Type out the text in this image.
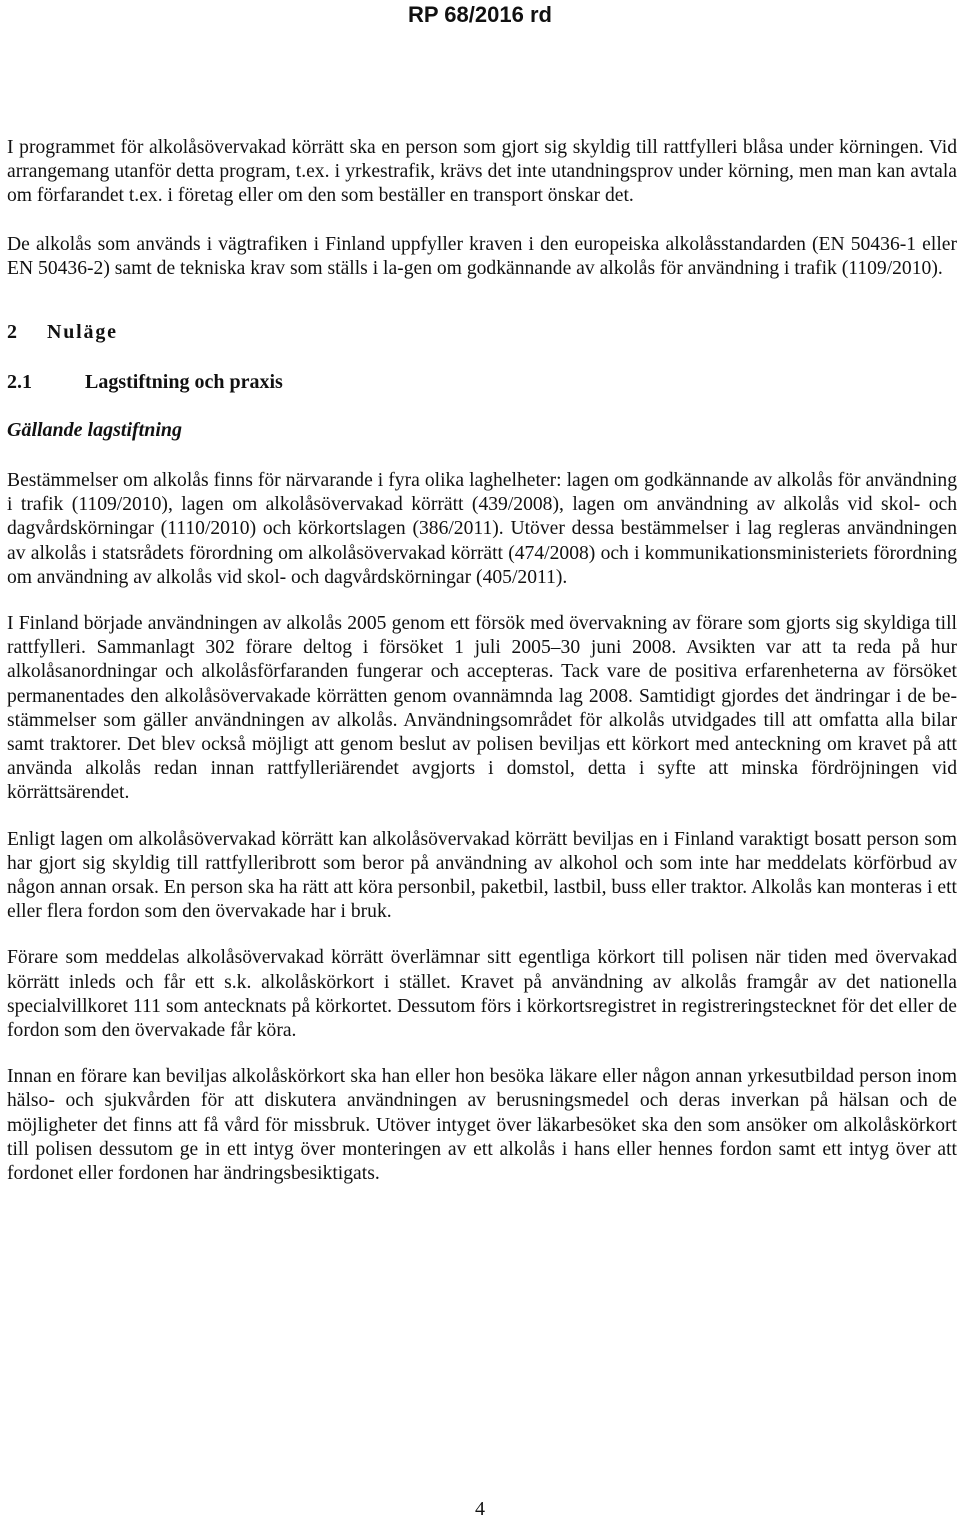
RP 68/2016 rd

I programmet för alkolåsövervakad körrätt ska en person som gjort sig skyldig till rattfylleri blåsa under körningen. Vid arrangemang utanför detta program, t.ex. i yrkestrafik, krävs det inte utandningsprov under körning, men man kan avtala om förfarandet t.ex. i företag eller om den som beställer en transport önskar det.

De alkolås som används i vägtrafiken i Finland uppfyller kraven i den europeiska alkolåsstandarden (EN 50436-1 eller EN 50436-2) samt de tekniska krav som ställs i la-gen om godkännande av alkolås för användning i trafik (1109/2010).

2 Nuläge
2.1	Lagstiftning och praxis
Gällande lagstiftning

Bestämmelser om alkolås finns för närvarande i fyra olika laghelheter: lagen om godkännande av alkolås för användning i trafik (1109/2010), lagen om alkolåsövervakad körrätt (439/2008), lagen om användning av alkolås vid skol- och dagvårdskörningar (1110/2010) och körkortslagen (386/2011). Utöver dessa bestämmelser i lag regleras användningen av alkolås i statsrådets förordning om alkolåsövervakad körrätt (474/2008) och i kommunikationsministeriets förordning om användning av alkolås vid skol- och dagvårdskörningar (405/2011).

I Finland började användningen av alkolås 2005 genom ett försök med övervakning av förare som gjorts sig skyldiga till rattfylleri. Sammanlagt 302 förare deltog i försöket 1 juli 2005–30 juni 2008. Avsikten var att ta reda på hur alkolåsanordningar och alkolåsförfaranden fungerar och accepteras. Tack vare de positiva erfarenheterna av försöket permanentades den alkolåsövervakade körrätten genom ovannämnda lag 2008. Samtidigt gjordes det ändringar i de bestämmelser som gäller användningen av alkolås. Användningsområdet för alkolås utvidgades till att omfatta alla bilar samt traktorer. Det blev också möjligt att genom beslut av polisen beviljas ett körkort med anteckning om kravet på att använda alkolås redan innan rattfylleriärendet avgjorts i domstol, detta i syfte att minska fördröjningen vid körrättsärendet.

Enligt lagen om alkolåsövervakad körrätt kan alkolåsövervakad körrätt beviljas en i Finland varaktigt bosatt person som har gjort sig skyldig till rattfylleribrott som beror på användning av alkohol och som inte har meddelats körförbud av någon annan orsak. En person ska ha rätt att köra personbil, paketbil, lastbil, buss eller traktor. Alkolås kan monteras i ett eller flera fordon som den övervakade har i bruk.

Förare som meddelas alkolåsövervakad körrätt överlämnar sitt egentliga körkort till polisen när tiden med övervakad körrätt inleds och får ett s.k. alkolåskörkort i stället. Kravet på användning av alkolås framgår av det nationella specialvillkoret 111 som antecknats på körkortet. Dessutom förs i körkortsregistret in registreringstecknet för det eller de fordon som den övervakade får köra.

Innan en förare kan beviljas alkolåskörkort ska han eller hon besöka läkare eller någon annan yrkesutbildad person inom hälso- och sjukvården för att diskutera användningen av berusningsmedel och deras inverkan på hälsan och de möjligheter det finns att få vård för missbruk. Utöver intyget över läkarbesöket ska den som ansöker om alkolåskörkort till polisen dessutom ge in ett intyg över monteringen av ett alkolås i hans eller hennes fordon samt ett intyg över att fordonet eller fordonen har ändringsbesiktigats.

4
